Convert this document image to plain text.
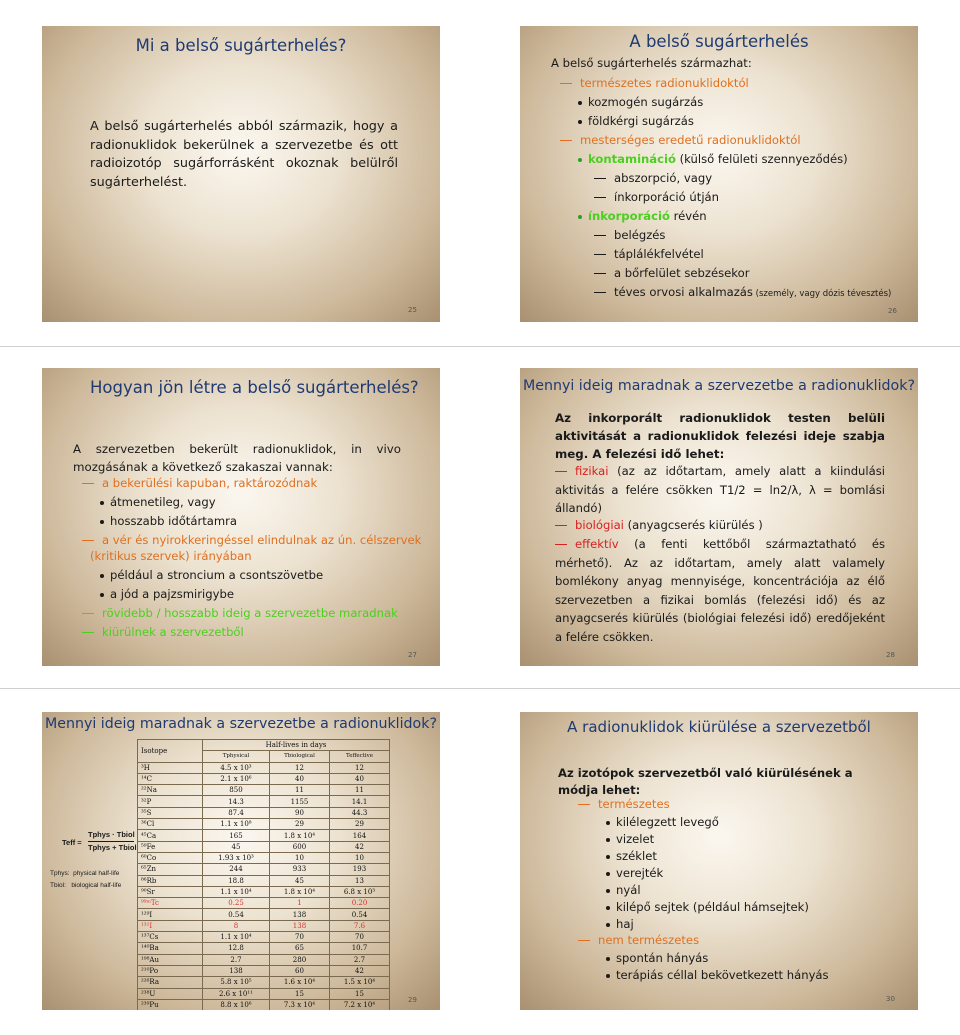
Mi a belső sugárterhelés?
A belső sugárterhelés abból származik, hogy a radionuklidok bekerülnek a szervezetbe és ott radioizotóp sugárforrásként okoznak belülről sugárterhelést.
25
A belső sugárterhelés
A belső sugárterhelés származhat:
természetes radionuklidoktól
kozmogén sugárzás
földkérgi sugárzás
mesterséges eredetű radionuklidoktól
kontamináció (külső felületi szennyeződés)
abszorpció, vagy
ínkorporáció útján
ínkorporáció révén
belégzés
táplálékfelvétel
a bőrfelület sebzésekor
téves orvosi alkalmazás (személy, vagy dózis tévesztés)
26
Hogyan jön létre a belső sugárterhelés?
A szervezetben bekerült radionuklidok, in vivo mozgásának a következő szakaszai vannak:
a bekerülési kapuban, raktározódnak
átmenetileg, vagy
hosszabb időtártamra
a vér és nyirokkeringéssel elindulnak az ún. célszervek
(kritikus szervek) irányában
például a stroncium a csontszövetbe
a jód a pajzsmirigybe
rövidebb / hosszabb ideig a szervezetbe maradnak
kiürülnek a szervezetből
27
Mennyi ideig maradnak a szervezetbe a radionuklidok?
Az inkorporált radionuklidok testen belüli aktivitását a radionuklidok felezési ideje szabja meg. A felezési idő lehet:
fizikai (az az időtartam, amely alatt a kiindulási aktivitás a felére csökken T1/2 = ln2/λ, λ = bomlási állandó)
biológiai (anyagcserés kiürülés )
effektív (a fenti kettőből származtatható és mérhető). Az az időtartam, amely alatt valamely bomlékony anyag mennyisége, koncentrációja az élő szervezetben a fizikai bomlás (felezési idő) és az anyagcserés kiürülés (biológiai felezési idő) eredőjeként a felére csökken.
28
Mennyi ideig maradnak a szervezetbe a radionuklidok?
Teff =
Tphys · Tbiol
Tphys + Tbiol
Tphys: physical half-life
Tbiol: biological half-life
Isotope	Half-lives in days		
	Tphysical	Tbiological	Teffective
³H	4.5 x 10³	12	12
¹⁴C	2.1 x 10⁶	40	40
²²Na	850	11	11
³²P	14.3	1155	14.1
³⁵S	87.4	90	44.3
³⁶Cl	1.1 x 10⁸	29	29
⁴⁵Ca	165	1.8 x 10⁴	164
⁵⁹Fe	45	600	42
⁶⁰Co	1.93 x 10³	10	10
⁶⁵Zn	244	933	193
⁸⁶Rb	18.8	45	13
⁹⁰Sr	1.1 x 10⁴	1.8 x 10⁴	6.8 x 10³
⁹⁹ᵐTc	0.25	1	0.20
¹²⁹I	0.54	138	0.54
¹³¹I	8	138	7.6
¹³⁷Cs	1.1 x 10⁴	70	70
¹⁴⁰Ba	12.8	65	10.7
¹⁹⁸Au	2.7	280	2.7
²¹⁰Po	138	60	42
²²⁶Ra	5.8 x 10⁵	1.6 x 10⁴	1.5 x 10⁴
²³⁸U	2.6 x 10¹¹	15	15
²³⁹Pu	8.8 x 10⁶	7.3 x 10⁴	7.2 x 10⁴
29
A radionuklidok kiürülése a szervezetből
Az izotópok szervezetből való kiürülésének a módja lehet:
természetes
kilélegzett levegő
vizelet
széklet
verejték
nyál
kilépő sejtek (például hámsejtek)
haj
nem természetes
spontán hányás
terápiás céllal bekövetkezett hányás
30
